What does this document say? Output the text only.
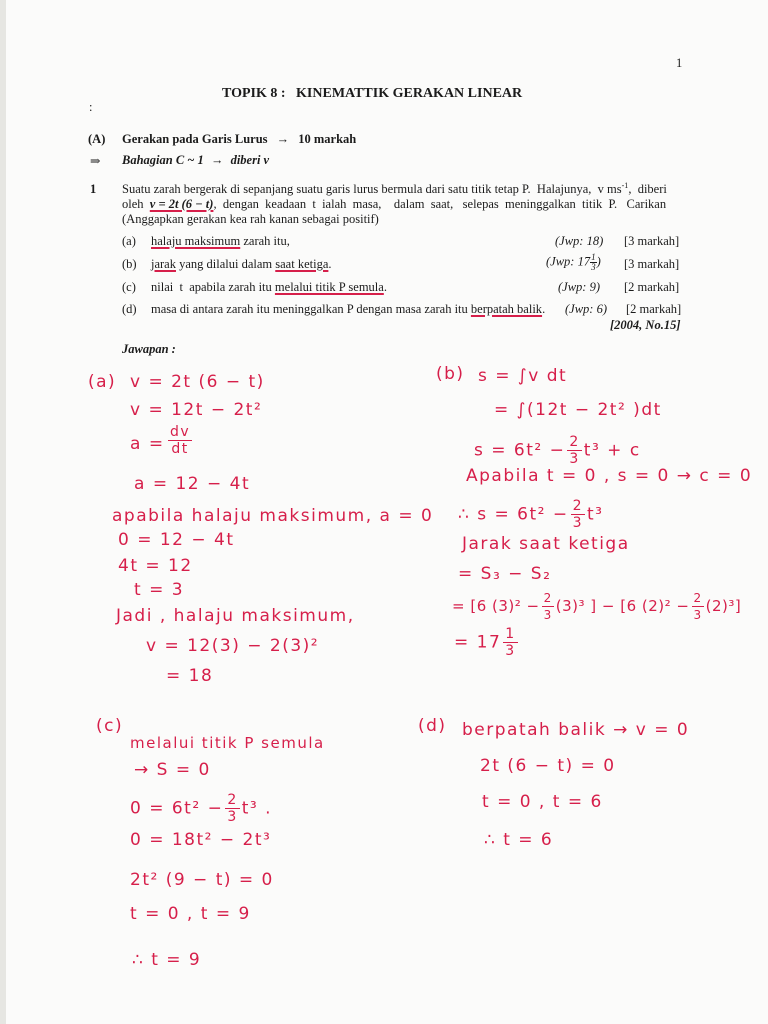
1
TOPIK 8 :   KINEMATTIK GERAKAN LINEAR
:
(A) Gerakan pada Garis Lurus → 10 markah
⇒ Bahagian C ~ 1 → diberi v
1 Suatu zarah bergerak di sepanjang suatu garis lurus bermula dari satu titik tetap P.  Halajunya,  v $ms^{-1}$,  diberi
oleh v = 2t (6 − t),  dengan  keadaan  t  ialah  masa,    dalam  saat,   selepas  meninggalkan  titik  P.   Carikan
(Anggapkan gerakan kea rah kanan sebagai positif)
(a) halaju maksimum zarah itu,	(Jwp: 18) [3 markah]
(b) jarak yang dilalui dalam saat ketiga.	(Jwp: $17 \frac{1}{3}$ ) [3 markah]
(c) nilai  t  apabila zarah itu melalui titik P semula.	(Jwp: 9) [2 markah]
(d) masa di antara zarah itu meninggalkan P dengan masa zarah itu berpatah balik. (Jwp: 6) [2 markah]
[2004, No.15]
Jawapan :
(a) v = 2t (6 − t)
v = 12t − 2t²
$a = \frac{dv}{dt}$
a = 12 − 4t
apabila halaju maksimum, a = 0
0 = 12 − 4t
4t = 12
t = 3
Jadi , halaju maksimum,
v = 12(3) − 2(3)²
= 18
(b) s = ∫v dt
= ∫(12t − 2t² )dt
$s = 6t^2 - \frac{2}{3} t^3 + c$
Apabila t = 0 , s = 0 → c = 0
∴ $s = 6t^2 - \frac{2}{3} t^3$
Jarak saat ketiga
= S₃ − S₂
= [6 $(3)^2 - \frac{2}{3} (3)^3$ ] − [6 $(2)^2 - \frac{2}{3} (2)^3$]
= $17 \frac{1}{3}$
(c)
melalui titik P semula
→ S = 0
$0 = 6t^2 - \frac{2}{3} t^3$ .
0 = 18t² − 2t³
2t² (9 − t) = 0
t = 0 , t = 9
∴ t = 9
(d) berpatah balik → v = 0
2t (6 − t) = 0
t = 0 , t = 6
∴ t = 6
